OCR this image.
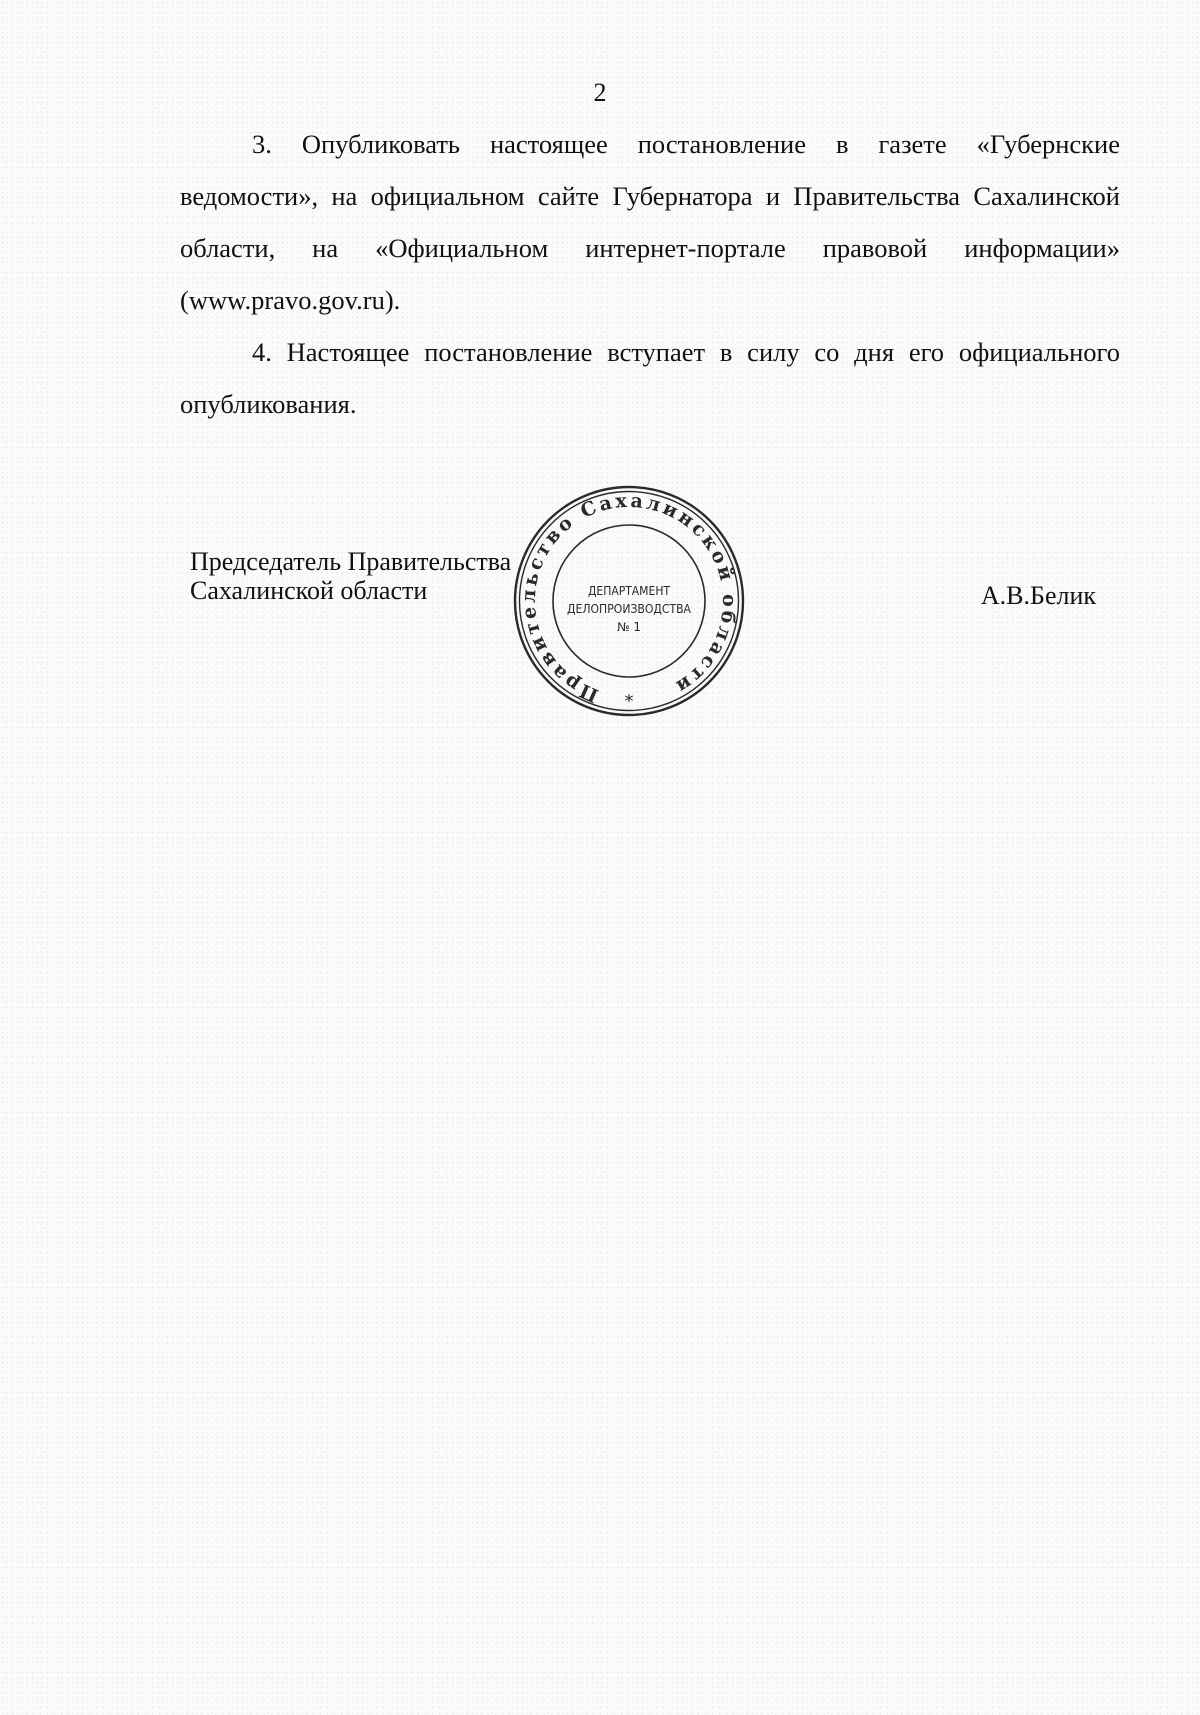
2

3. Опубликовать настоящее постановление в газете «Губернские ведомости», на официальном сайте Губернатора и Правительства Сахалинской области, на «Официальном интернет-портале правовой информации» (www.pravo.gov.ru).

4. Настоящее постановление вступает в силу со дня его официального опубликования.

Председатель Правительства
Сахалинской области	А.В.Белик
Правительство Сахалинской области
*
ДЕПАРТАМЕНТ
ДЕЛОПРОИЗВОДСТВА
№ 1
